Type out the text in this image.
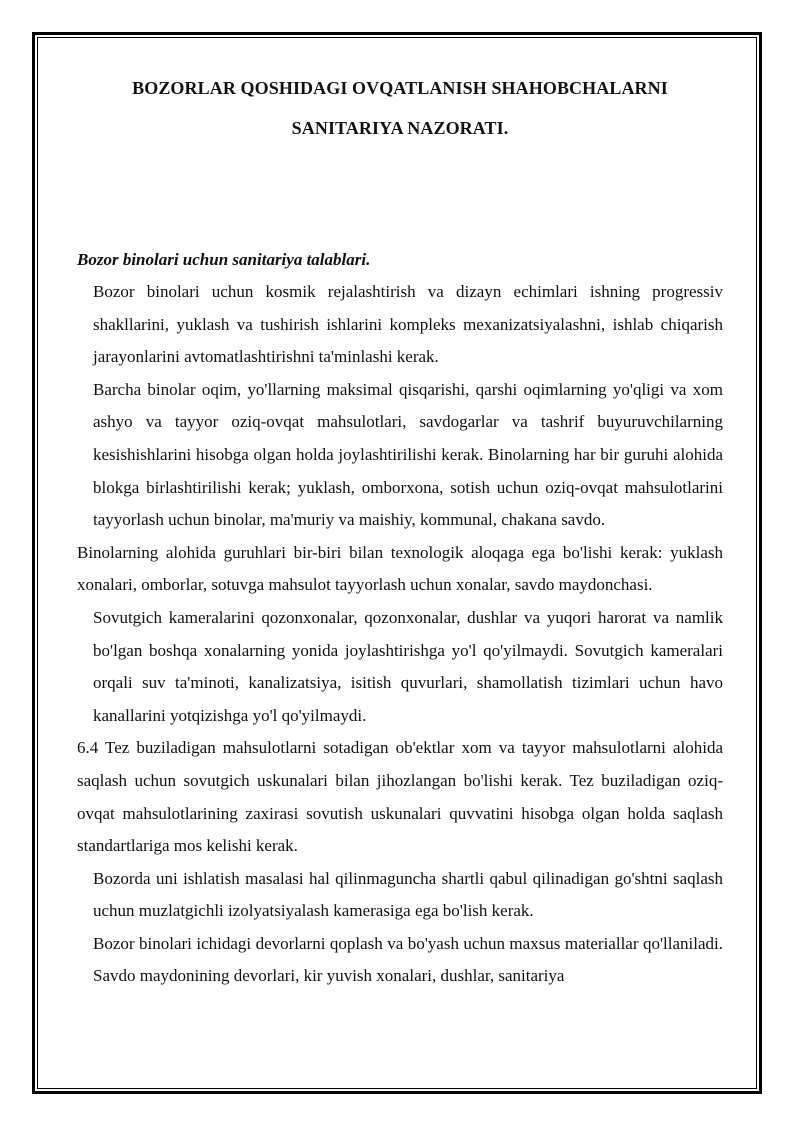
BOZORLAR QOSHIDAGI OVQATLANISH SHAHOBCHALARNI
SANITARIYA NAZORATI.

Bozor binolari uchun sanitariya talablari.

Bozor binolari uchun kosmik rejalashtirish va dizayn echimlari ishning progressiv shakllarini, yuklash va tushirish ishlarini kompleks mexanizatsiyalashni, ishlab chiqarish jarayonlarini avtomatlashtirishni ta'minlashi kerak.

Barcha binolar oqim, yo'llarning maksimal qisqarishi, qarshi oqimlarning yo'qligi va xom ashyo va tayyor oziq-ovqat mahsulotlari, savdogarlar va tashrif buyuruvchilarning kesishishlarini hisobga olgan holda joylashtirilishi kerak. Binolarning har bir guruhi alohida blokga birlashtirilishi kerak; yuklash, omborxona, sotish uchun oziq-ovqat mahsulotlarini tayyorlash uchun binolar, ma'muriy va maishiy, kommunal, chakana savdo.

Binolarning alohida guruhlari bir-biri bilan texnologik aloqaga ega bo'lishi kerak: yuklash xonalari, omborlar, sotuvga mahsulot tayyorlash uchun xonalar, savdo maydonchasi.

Sovutgich kameralarini qozonxonalar, qozonxonalar, dushlar va yuqori harorat va namlik bo'lgan boshqa xonalarning yonida joylashtirishga yo'l qo'yilmaydi. Sovutgich kameralari orqali suv ta'minoti, kanalizatsiya, isitish quvurlari, shamollatish tizimlari uchun havo kanallarini yotqizishga yo'l qo'yilmaydi.

6.4 Tez buziladigan mahsulotlarni sotadigan ob'ektlar xom va tayyor mahsulotlarni alohida saqlash uchun sovutgich uskunalari bilan jihozlangan bo'lishi kerak. Tez buziladigan oziq-ovqat mahsulotlarining zaxirasi sovutish uskunalari quvvatini hisobga olgan holda saqlash standartlariga mos kelishi kerak.

Bozorda uni ishlatish masalasi hal qilinmaguncha shartli qabul qilinadigan go'shtni saqlash uchun muzlatgichli izolyatsiyalash kamerasiga ega bo'lish kerak.

Bozor binolari ichidagi devorlarni qoplash va bo'yash uchun maxsus materiallar qo'llaniladi. Savdo maydonining devorlari, kir yuvish xonalari, dushlar, sanitariya
